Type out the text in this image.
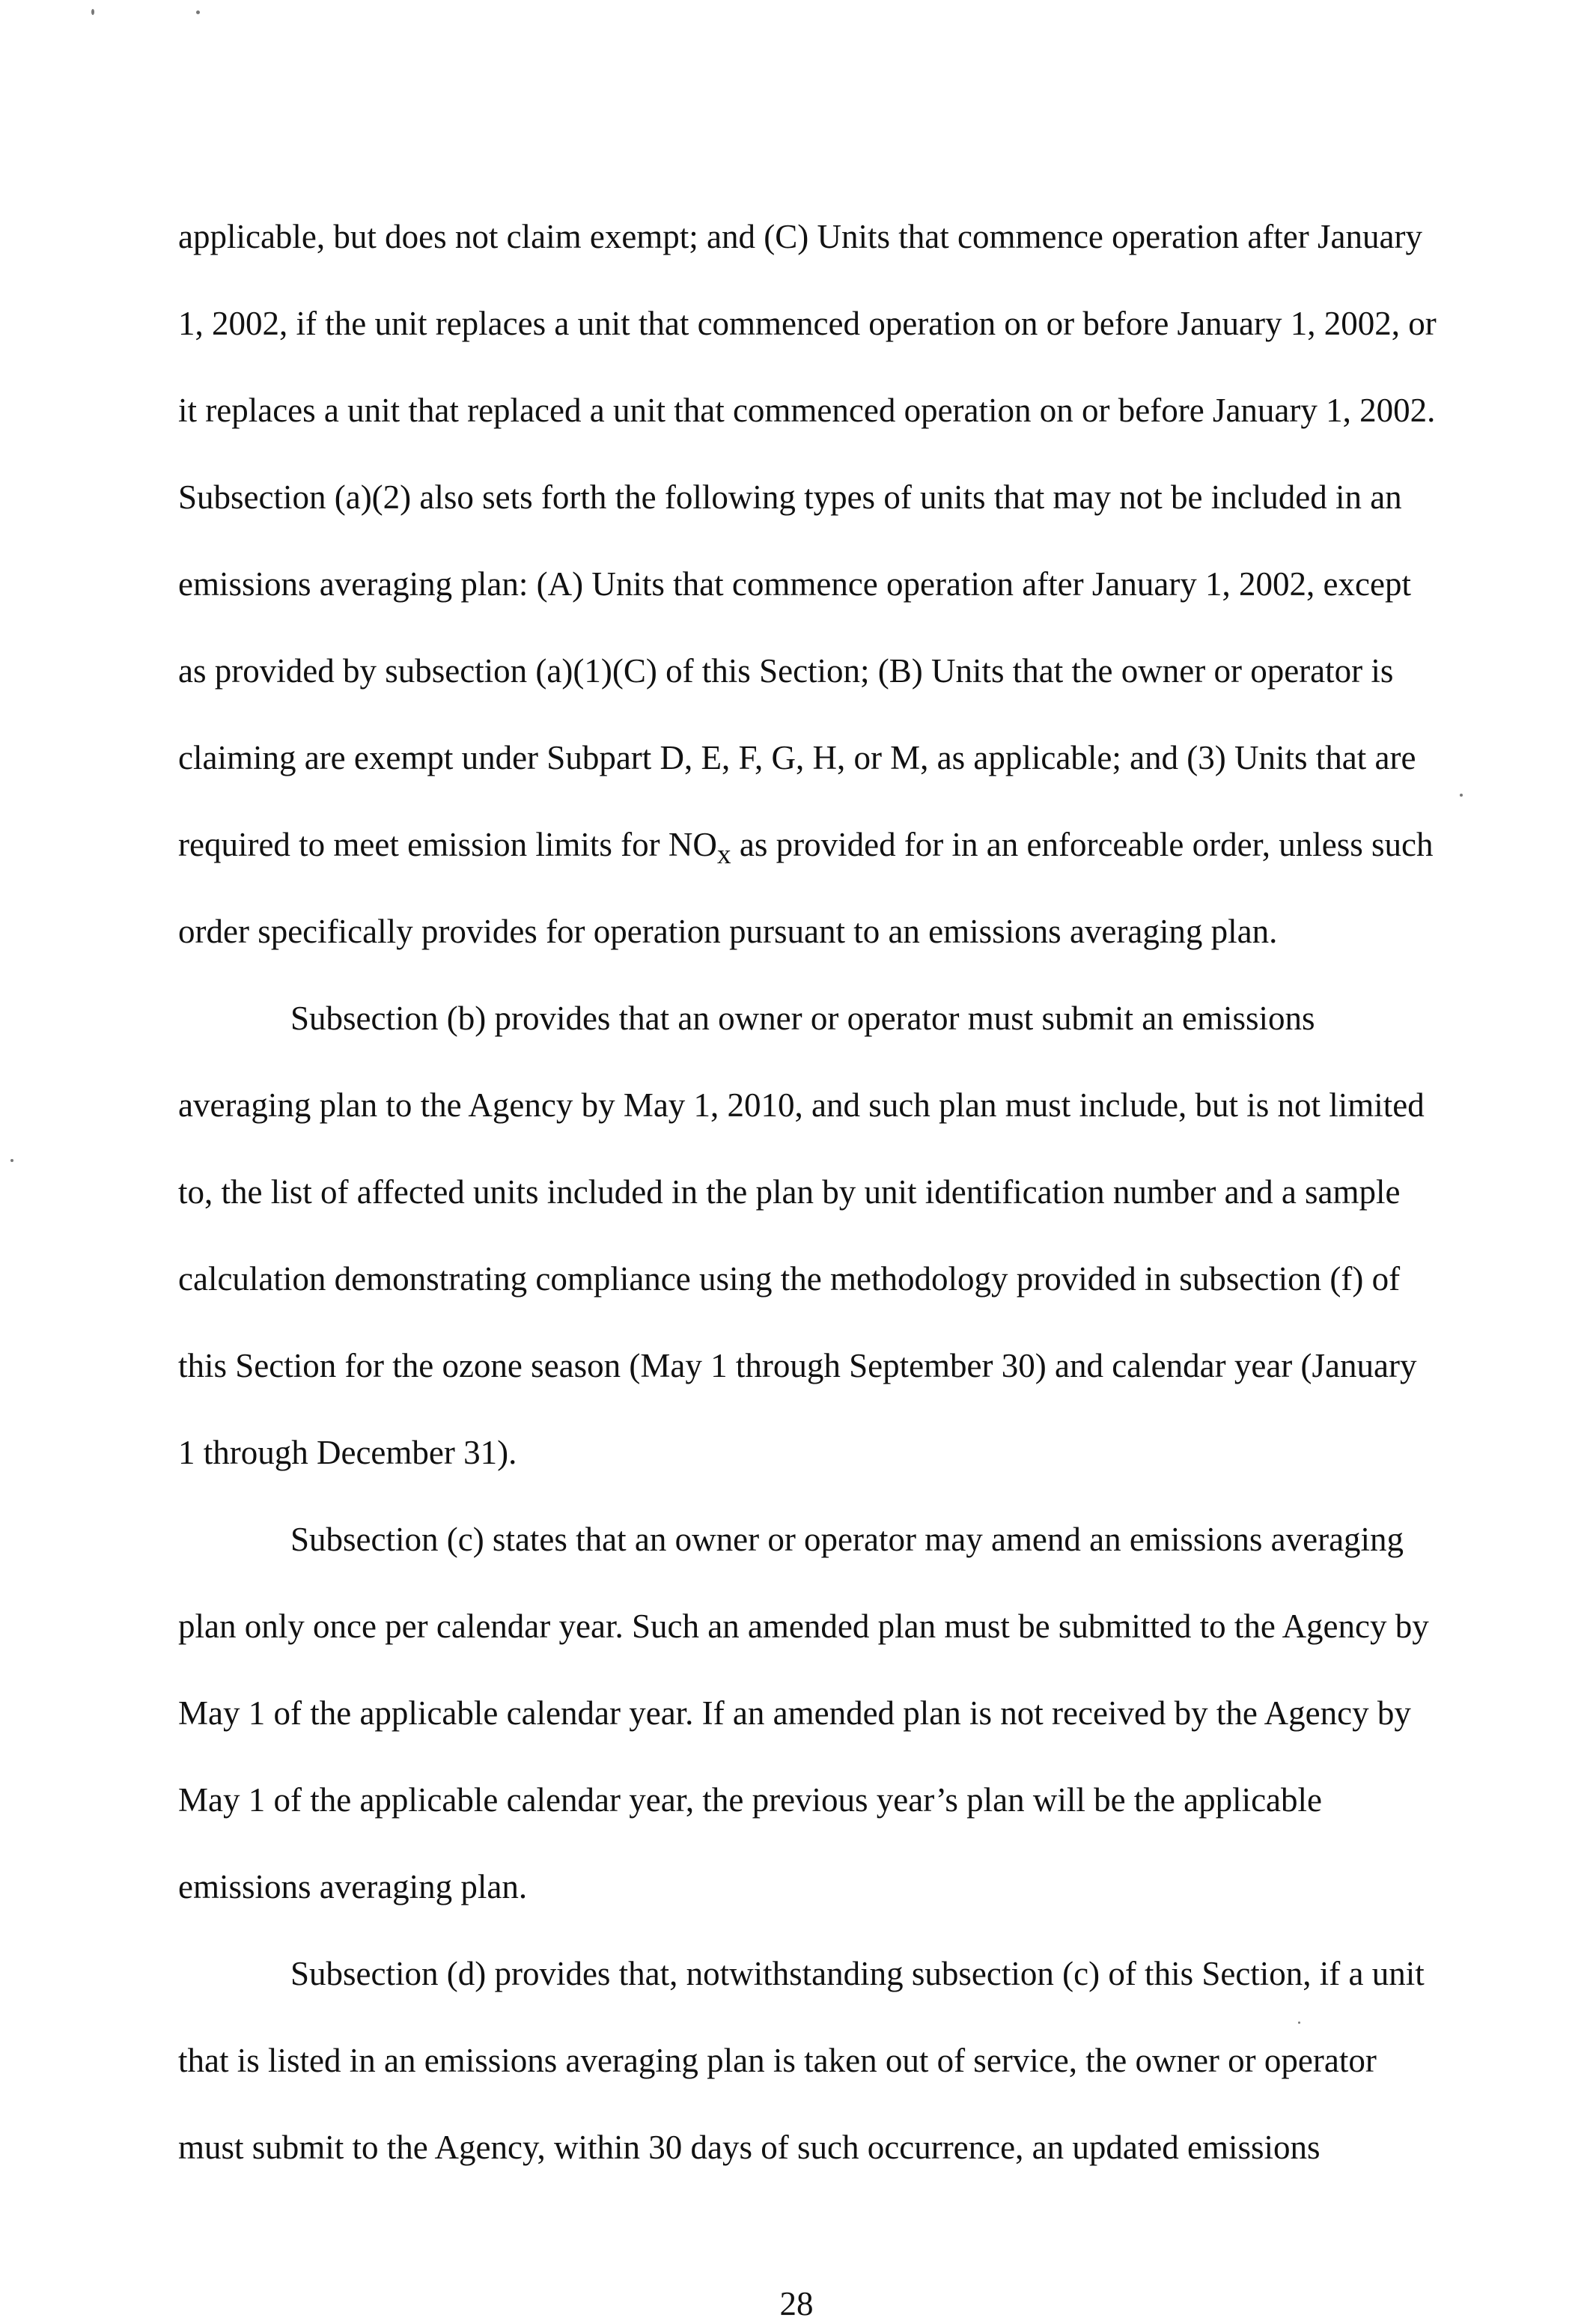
applicable, but does not claim exempt; and (C) Units that commence operation after January
1, 2002, if the unit replaces a unit that commenced operation on or before January 1, 2002, or
it replaces a unit that replaced a unit that commenced operation on or before January 1, 2002.
Subsection (a)(2) also sets forth the following types of units that may not be included in an
emissions averaging plan: (A) Units that commence operation after January 1, 2002, except
as provided by subsection (a)(1)(C) of this Section; (B) Units that the owner or operator is
claiming are exempt under Subpart D, E, F, G, H, or M, as applicable; and (3) Units that are
required to meet emission limits for $NO_x$ as provided for in an enforceable order, unless such
order specifically provides for operation pursuant to an emissions averaging plan.
Subsection (b) provides that an owner or operator must submit an emissions
averaging plan to the Agency by May 1, 2010, and such plan must include, but is not limited
to, the list of affected units included in the plan by unit identification number and a sample
calculation demonstrating compliance using the methodology provided in subsection (f) of
this Section for the ozone season (May 1 through September 30) and calendar year (January
1 through December 31).
Subsection (c) states that an owner or operator may amend an emissions averaging
plan only once per calendar year. Such an amended plan must be submitted to the Agency by
May 1 of the applicable calendar year. If an amended plan is not received by the Agency by
May 1 of the applicable calendar year, the previous year’s plan will be the applicable
emissions averaging plan.
Subsection (d) provides that, notwithstanding subsection (c) of this Section, if a unit
that is listed in an emissions averaging plan is taken out of service, the owner or operator
must submit to the Agency, within 30 days of such occurrence, an updated emissions
28
